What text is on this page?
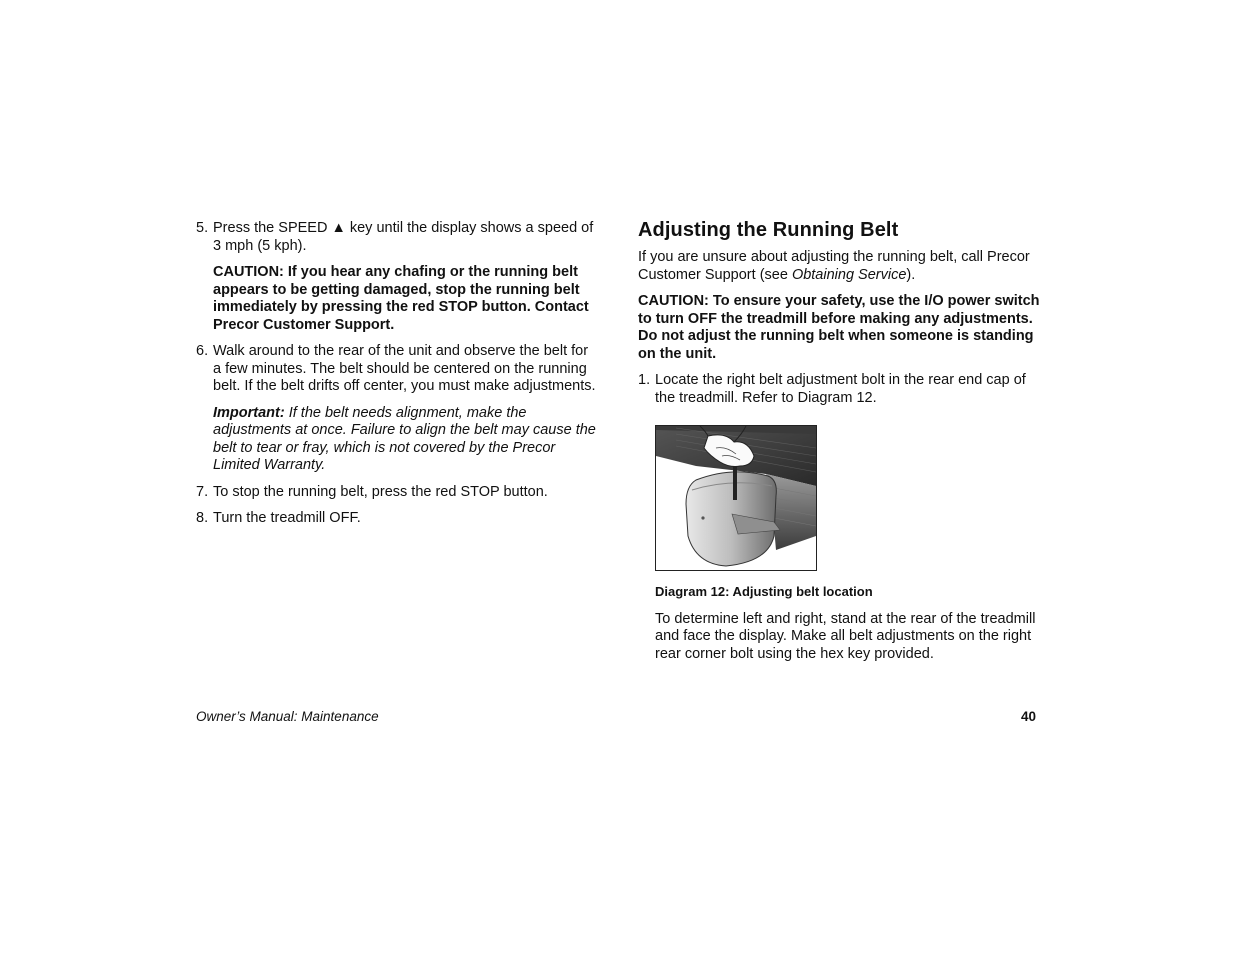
5. Press the SPEED ▲ key until the display shows a speed of 3 mph (5 kph).
CAUTION: If you hear any chafing or the running belt appears to be getting damaged, stop the running belt immediately by pressing the red STOP button. Contact Precor Customer Support.
6. Walk around to the rear of the unit and observe the belt for a few minutes. The belt should be centered on the running belt. If the belt drifts off center, you must make adjustments.
Important: If the belt needs alignment, make the adjustments at once. Failure to align the belt may cause the belt to tear or fray, which is not covered by the Precor Limited Warranty.
7. To stop the running belt, press the red STOP button.
8. Turn the treadmill OFF.
Adjusting the Running Belt

If you are unsure about adjusting the running belt, call Precor Customer Support (see Obtaining Service).

CAUTION: To ensure your safety, use the I/O power switch to turn OFF the treadmill before making any adjustments. Do not adjust the running belt when someone is standing on the unit.

1. Locate the right belt adjustment bolt in the rear end cap of the treadmill. Refer to Diagram 12.
Diagram 12: Adjusting belt location

To determine left and right, stand at the rear of the treadmill and face the display. Make all belt adjustments on the right rear corner bolt using the hex key provided.

Owner’s Manual: Maintenance	40
